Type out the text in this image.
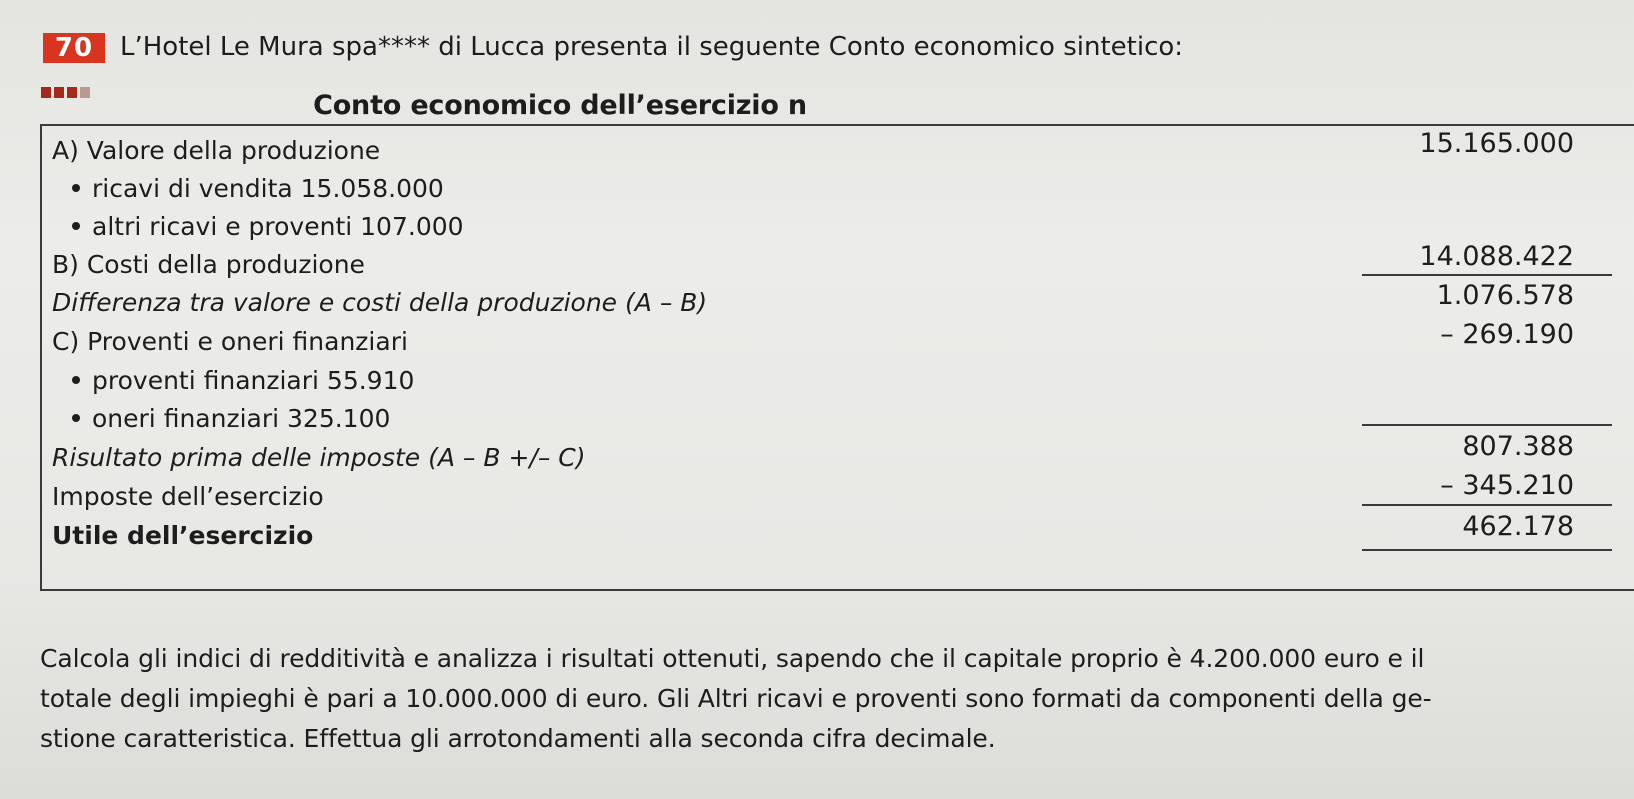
70	L’Hotel Le Mura spa**** di Lucca presenta il seguente Conto economico sintetico:
Conto economico dell’esercizio n
A) Valore della produzione
ricavi di vendita 15.058.000
altri ricavi e proventi 107.000
B) Costi della produzione
Differenza tra valore e costi della produzione (A – B)
C) Proventi e oneri finanziari
proventi finanziari 55.910
oneri finanziari 325.100
Risultato prima delle imposte (A – B +/– C)
Imposte dell’esercizio
Utile dell’esercizio
15.165.000
14.088.422
1.076.578
– 269.190
807.388
– 345.210
462.178
Calcola gli indici di redditività e analizza i risultati ottenuti, sapendo che il capitale proprio è 4.200.000 euro e il
totale degli impieghi è pari a 10.000.000 di euro. Gli Altri ricavi e proventi sono formati da componenti della ge-
stione caratteristica. Effettua gli arrotondamenti alla seconda cifra decimale.
